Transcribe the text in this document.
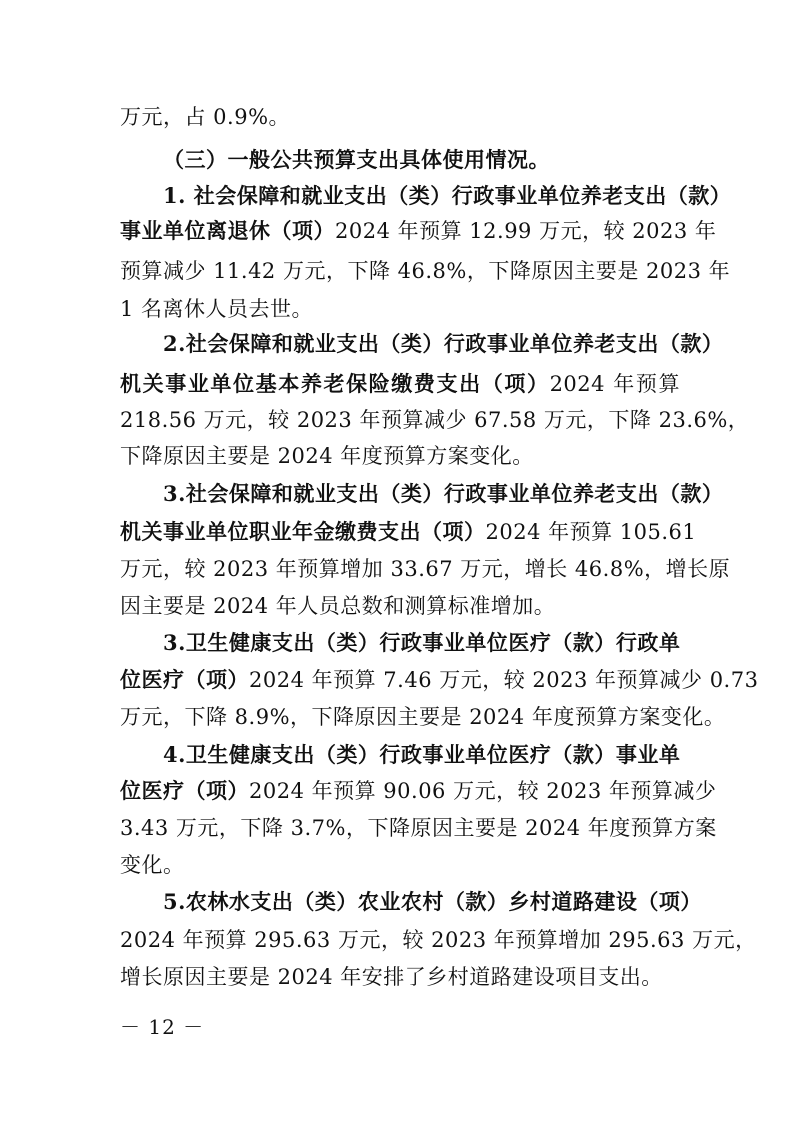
万元，占 0.9%。
（三）一般公共预算支出具体使用情况。
1. 社会保障和就业支出（类）行政事业单位养老支出（款）
事业单位离退休（项）2024 年预算 12.99 万元，较 2023 年
预算减少 11.42 万元，下降 46.8%，下降原因主要是 2023 年
1 名离休人员去世。
2.社会保障和就业支出（类）行政事业单位养老支出（款）
机关事业单位基本养老保险缴费支出（项）2024 年预算
218.56 万元，较 2023 年预算减少 67.58 万元，下降 23.6%，
下降原因主要是 2024 年度预算方案变化。
3.社会保障和就业支出（类）行政事业单位养老支出（款）
机关事业单位职业年金缴费支出（项）2024 年预算 105.61
万元，较 2023 年预算增加 33.67 万元，增长 46.8%，增长原
因主要是 2024 年人员总数和测算标准增加。
3.卫生健康支出（类）行政事业单位医疗（款）行政单
位医疗（项）2024 年预算 7.46 万元，较 2023 年预算减少 0.73
万元，下降 8.9%，下降原因主要是 2024 年度预算方案变化。
4.卫生健康支出（类）行政事业单位医疗（款）事业单
位医疗（项）2024 年预算 90.06 万元，较 2023 年预算减少
3.43 万元，下降 3.7%，下降原因主要是 2024 年度预算方案
变化。
5.农林水支出（类）农业农村（款）乡村道路建设（项）
2024 年预算 295.63 万元，较 2023 年预算增加 295.63 万元，
增长原因主要是 2024 年安排了乡村道路建设项目支出。
－ 12 －
